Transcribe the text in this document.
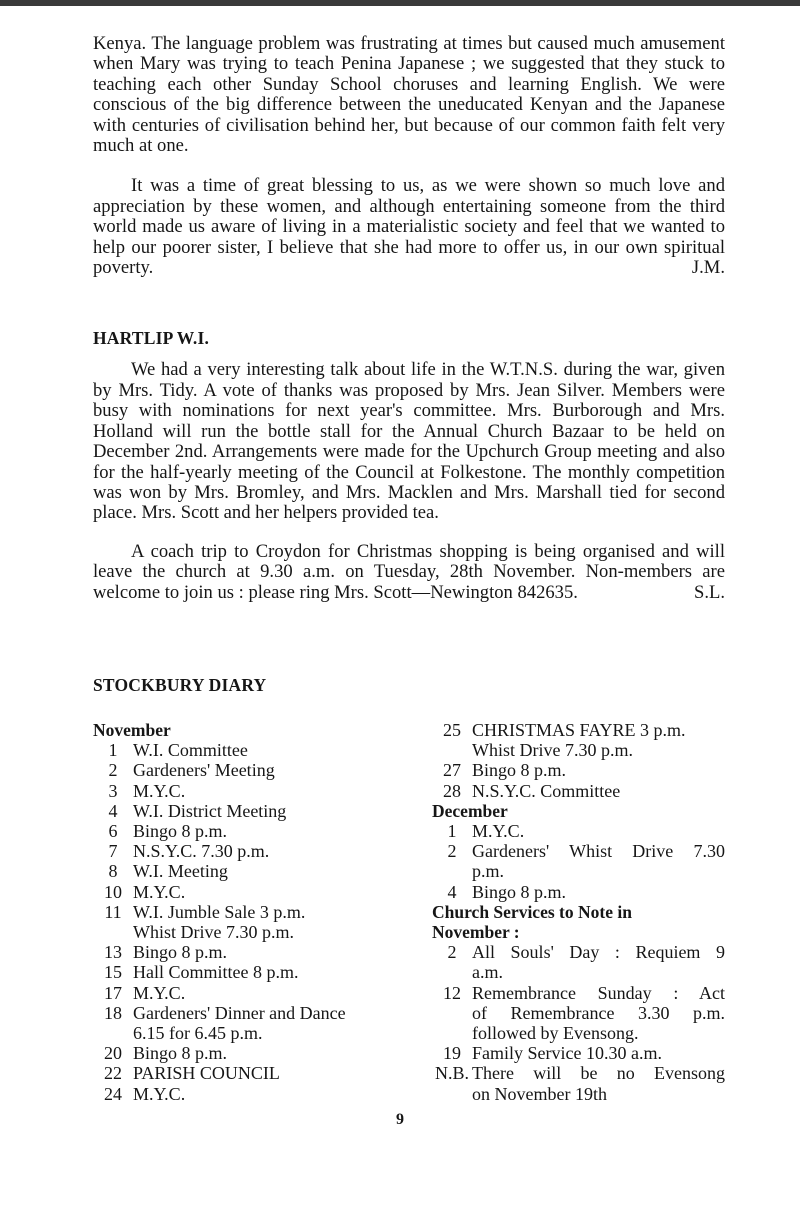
Kenya. The language problem was frustrating at times but caused much amusement when Mary was trying to teach Penina Japanese ; we suggested that they stuck to teaching each other Sunday School choruses and learning English. We were conscious of the big difference between the uneducated Kenyan and the Japanese with centuries of civilisation behind her, but because of our common faith felt very much at one.

It was a time of great blessing to us, as we were shown so much love and appreciation by these women, and although entertaining someone from the third world made us aware of living in a materialistic society and feel that we wanted to help our poorer sister, I believe that she had more to offer us, in our own spiritual poverty.	J.M.

HARTLIP W.I.

We had a very interesting talk about life in the W.T.N.S. during the war, given by Mrs. Tidy. A vote of thanks was proposed by Mrs. Jean Silver. Members were busy with nominations for next year's committee. Mrs. Burborough and Mrs. Holland will run the bottle stall for the Annual Church Bazaar to be held on December 2nd. Arrangements were made for the Upchurch Group meeting and also for the half-yearly meeting of the Council at Folkestone. The monthly competition was won by Mrs. Bromley, and Mrs. Macklen and Mrs. Marshall tied for second place. Mrs. Scott and her helpers provided tea.

A coach trip to Croydon for Christmas shopping is being organised and will leave the church at 9.30 a.m. on Tuesday, 28th November. Non-members are welcome to join us : please ring Mrs. Scott—Newington 842635.	S.L.

STOCKBURY DIARY
November
1 W.I. Committee
2 Gardeners' Meeting
3 M.Y.C.
4 W.I. District Meeting
6 Bingo 8 p.m.
7 N.S.Y.C. 7.30 p.m.
8 W.I. Meeting
10 M.Y.C.
11 W.I. Jumble Sale 3 p.m.
Whist Drive 7.30 p.m.
13 Bingo 8 p.m.
15 Hall Committee 8 p.m.
17 M.Y.C.
18 Gardeners' Dinner and Dance
6.15 for 6.45 p.m.
20 Bingo 8 p.m.
22 PARISH COUNCIL
24 M.Y.C.
25 CHRISTMAS FAYRE 3 p.m.
Whist Drive 7.30 p.m.
27 Bingo 8 p.m.
28 N.S.Y.C. Committee
December
1 M.Y.C.
2 Gardeners' Whist Drive 7.30
p.m.
4 Bingo 8 p.m.
Church Services to Note in
November :
2 All Souls' Day : Requiem 9
a.m.
12 Remembrance Sunday : Act
of Remembrance 3.30 p.m.
followed by Evensong.
19 Family Service 10.30 a.m.
N.B. There will be no Evensong
on November 19th
9
